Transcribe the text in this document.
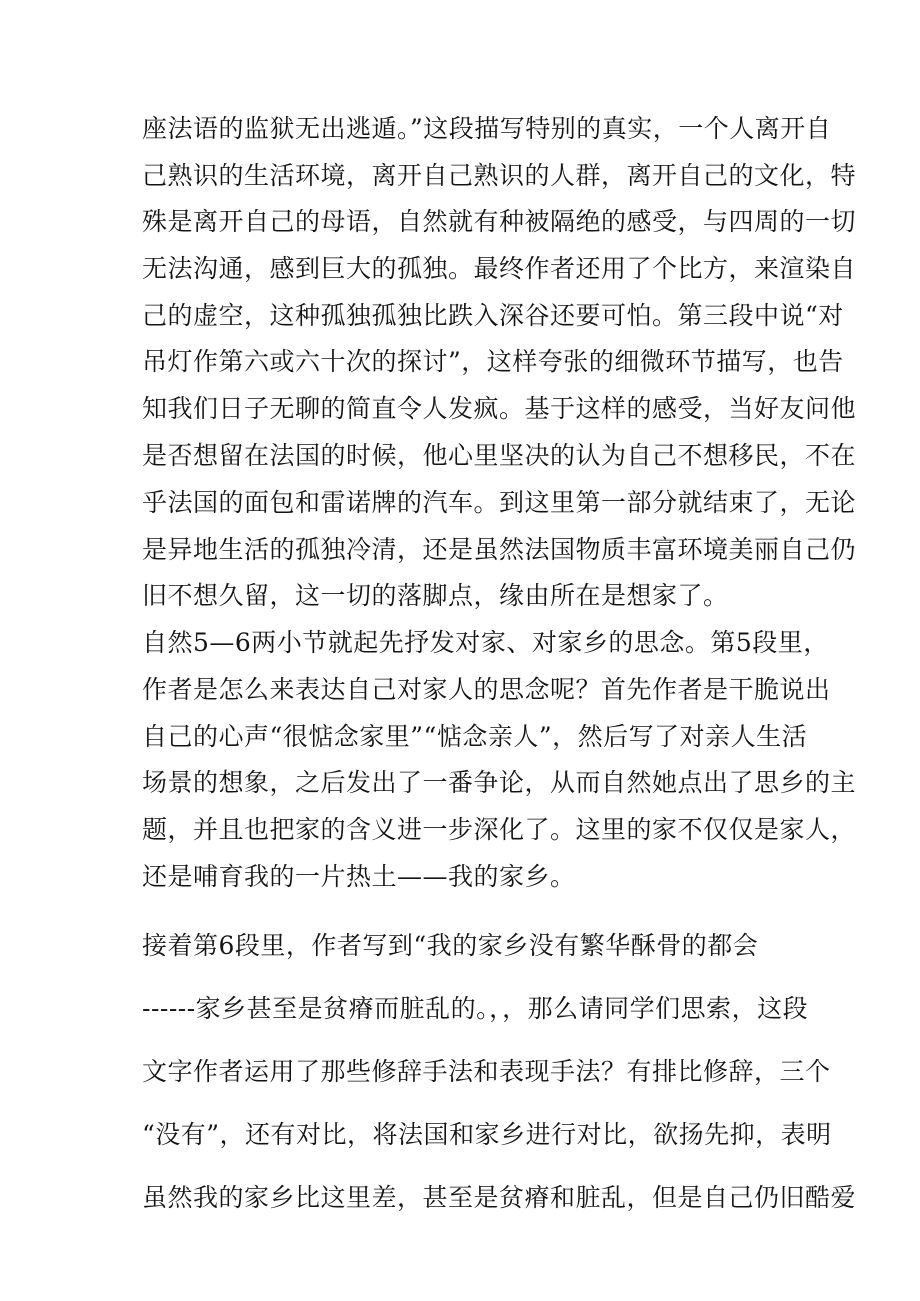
座法语的监狱无出逃遁。”这段描写特别的真实，一个人离开自
己熟识的生活环境，离开自己熟识的人群，离开自己的文化，特
殊是离开自己的母语，自然就有种被隔绝的感受，与四周的一切
无法沟通，感到巨大的孤独。最终作者还用了个比方，来渲染自
己的虚空，这种孤独孤独比跌入深谷还要可怕。第三段中说“对
吊灯作第六或六十次的探讨”，这样夸张的细微环节描写，也告
知我们日子无聊的简直令人发疯。基于这样的感受，当好友问他
是否想留在法国的时候，他心里坚决的认为自己不想移民，不在
乎法国的面包和雷诺牌的汽车。到这里第一部分就结束了，无论
是异地生活的孤独冷清，还是虽然法国物质丰富环境美丽自己仍
旧不想久留，这一切的落脚点，缘由所在是想家了。
自然5—6两小节就起先抒发对家、对家乡的思念。第5段里，
作者是怎么来表达自己对家人的思念呢？首先作者是干脆说出
自己的心声“很惦念家里”“惦念亲人”，然后写了对亲人生活
场景的想象，之后发出了一番争论，从而自然她点出了思乡的主
题，并且也把家的含义进一步深化了。这里的家不仅仅是家人，
还是哺育我的一片热土——我的家乡。
接着第6段里，作者写到“我的家乡没有繁华酥骨的都会
------家乡甚至是贫瘠而脏乱的。，，那么请同学们思索，这段
文字作者运用了那些修辞手法和表现手法？有排比修辞，三个
“没有”，还有对比，将法国和家乡进行对比，欲扬先抑，表明
虽然我的家乡比这里差，甚至是贫瘠和脏乱，但是自己仍旧酷爱
